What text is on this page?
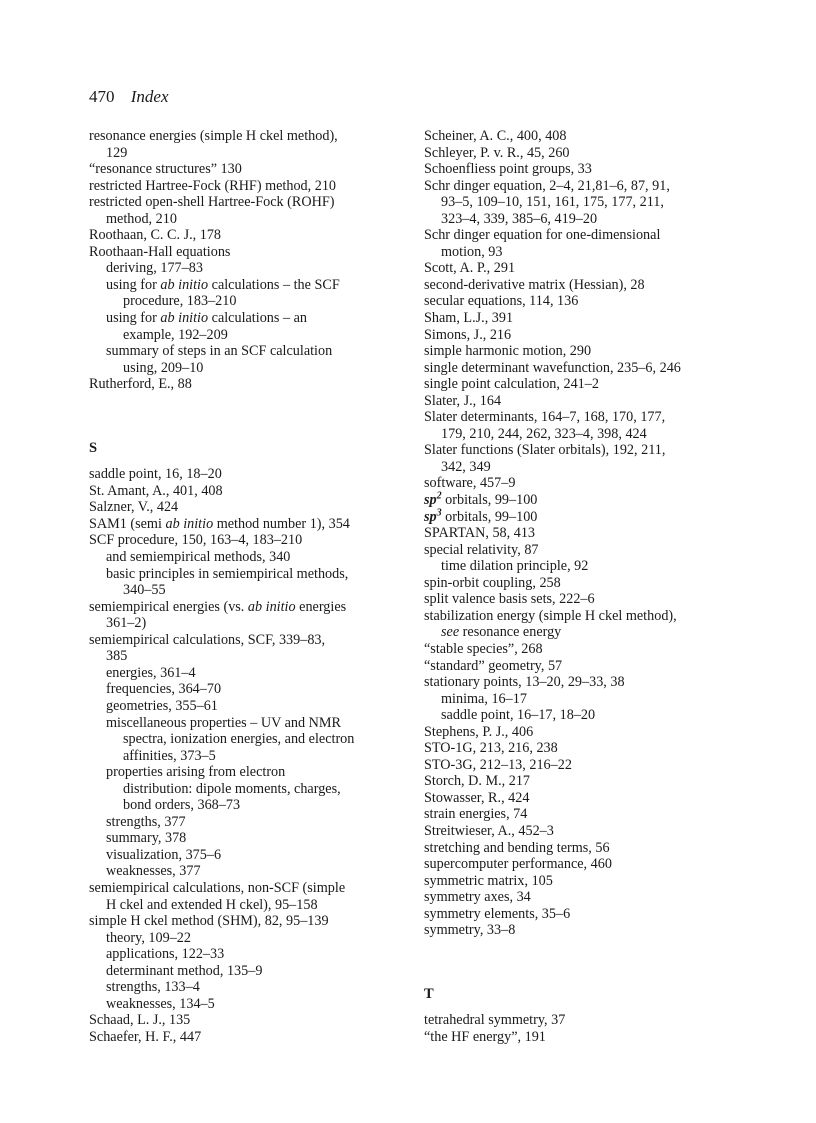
470 Index
resonance energies (simple H ckel method),
129
“resonance structures” 130
restricted Hartree-Fock (RHF) method, 210
restricted open-shell Hartree-Fock (ROHF)
method, 210
Roothaan, C. C. J., 178
Roothaan-Hall equations
deriving, 177–83
using for ab initio calculations – the SCF
procedure, 183–210
using for ab initio calculations – an
example, 192–209
summary of steps in an SCF calculation
using, 209–10
Rutherford, E., 88
S
saddle point, 16, 18–20
St. Amant, A., 401, 408
Salzner, V., 424
SAM1 (semi ab initio method number 1), 354
SCF procedure, 150, 163–4, 183–210
and semiempirical methods, 340
basic principles in semiempirical methods,
340–55
semiempirical energies (vs. ab initio energies
361–2)
semiempirical calculations, SCF, 339–83,
385
energies, 361–4
frequencies, 364–70
geometries, 355–61
miscellaneous properties – UV and NMR
spectra, ionization energies, and electron
affinities, 373–5
properties arising from electron
distribution: dipole moments, charges,
bond orders, 368–73
strengths, 377
summary, 378
visualization, 375–6
weaknesses, 377
semiempirical calculations, non-SCF (simple
H ckel and extended H ckel), 95–158
simple H ckel method (SHM), 82, 95–139
theory, 109–22
applications, 122–33
determinant method, 135–9
strengths, 133–4
weaknesses, 134–5
Schaad, L. J., 135
Schaefer, H. F., 447
Scheiner, A. C., 400, 408
Schleyer, P. v. R., 45, 260
Schoenfliess point groups, 33
Schr dinger equation, 2–4, 21,81–6, 87, 91,
93–5, 109–10, 151, 161, 175, 177, 211,
323–4, 339, 385–6, 419–20
Schr dinger equation for one-dimensional
motion, 93
Scott, A. P., 291
second-derivative matrix (Hessian), 28
secular equations, 114, 136
Sham, L.J., 391
Simons, J., 216
simple harmonic motion, 290
single determinant wavefunction, 235–6, 246
single point calculation, 241–2
Slater, J., 164
Slater determinants, 164–7, 168, 170, 177,
179, 210, 244, 262, 323–4, 398, 424
Slater functions (Slater orbitals), 192, 211,
342, 349
software, 457–9
$sp^2$ orbitals, 99–100
$sp^3$ orbitals, 99–100
SPARTAN, 58, 413
special relativity, 87
time dilation principle, 92
spin-orbit coupling, 258
split valence basis sets, 222–6
stabilization energy (simple H ckel method),
see resonance energy
“stable species”, 268
“standard” geometry, 57
stationary points, 13–20, 29–33, 38
minima, 16–17
saddle point, 16–17, 18–20
Stephens, P. J., 406
STO-1G, 213, 216, 238
STO-3G, 212–13, 216–22
Storch, D. M., 217
Stowasser, R., 424
strain energies, 74
Streitwieser, A., 452–3
stretching and bending terms, 56
supercomputer performance, 460
symmetric matrix, 105
symmetry axes, 34
symmetry elements, 35–6
symmetry, 33–8
T
tetrahedral symmetry, 37
“the HF energy”, 191
